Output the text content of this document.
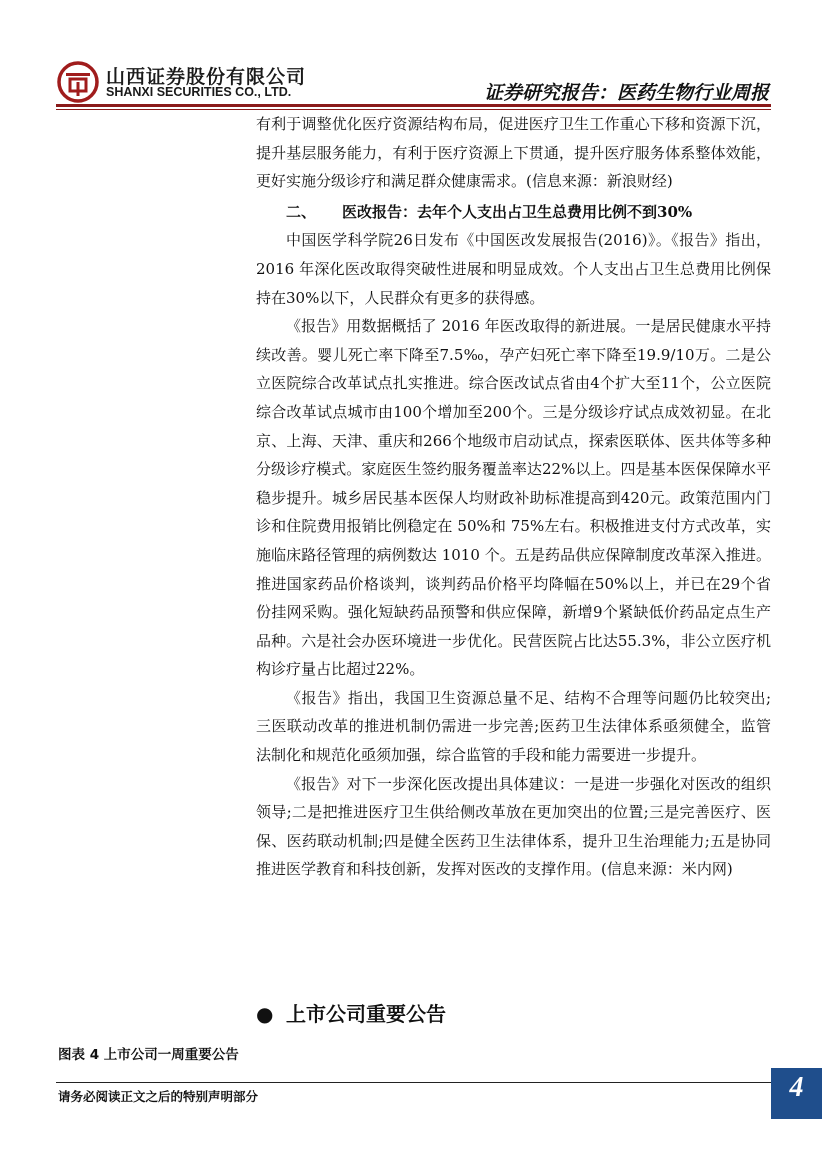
山西证券股份有限公司
SHANXI SECURITIES CO., LTD.	证券研究报告：医药生物行业周报

有利于调整优化医疗资源结构布局，促进医疗卫生工作重心下移和资源下沉，提升基层服务能力，有利于医疗资源上下贯通，提升医疗服务体系整体效能，更好实施分级诊疗和满足群众健康需求。(信息来源：新浪财经)

二、 医改报告：去年个人支出占卫生总费用比例不到30%

中国医学科学院26日发布《中国医改发展报告(2016)》。《报告》指出，2016 年深化医改取得突破性进展和明显成效。个人支出占卫生总费用比例保持在30%以下，人民群众有更多的获得感。

《报告》用数据概括了 2016 年医改取得的新进展。一是居民健康水平持续改善。婴儿死亡率下降至7.5‰，孕产妇死亡率下降至19.9/10万。二是公立医院综合改革试点扎实推进。综合医改试点省由4个扩大至11个，公立医院综合改革试点城市由100个增加至200个。三是分级诊疗试点成效初显。在北京、上海、天津、重庆和266个地级市启动试点，探索医联体、医共体等多种分级诊疗模式。家庭医生签约服务覆盖率达22%以上。四是基本医保保障水平稳步提升。城乡居民基本医保人均财政补助标准提高到420元。政策范围内门诊和住院费用报销比例稳定在 50%和 75%左右。积极推进支付方式改革，实施临床路径管理的病例数达 1010 个。五是药品供应保障制度改革深入推进。推进国家药品价格谈判，谈判药品价格平均降幅在50%以上，并已在29个省份挂网采购。强化短缺药品预警和供应保障，新增9个紧缺低价药品定点生产品种。六是社会办医环境进一步优化。民营医院占比达55.3%，非公立医疗机构诊疗量占比超过22%。

《报告》指出，我国卫生资源总量不足、结构不合理等问题仍比较突出;三医联动改革的推进机制仍需进一步完善;医药卫生法律体系亟须健全，监管法制化和规范化亟须加强，综合监管的手段和能力需要进一步提升。

《报告》对下一步深化医改提出具体建议：一是进一步强化对医改的组织领导;二是把推进医疗卫生供给侧改革放在更加突出的位置;三是完善医疗、医保、医药联动机制;四是健全医药卫生法律体系，提升卫生治理能力;五是协同推进医学教育和科技创新，发挥对医改的支撑作用。(信息来源：米内网)

● 上市公司重要公告
图表 4 上市公司一周重要公告
请务必阅读正文之后的特别声明部分	4
